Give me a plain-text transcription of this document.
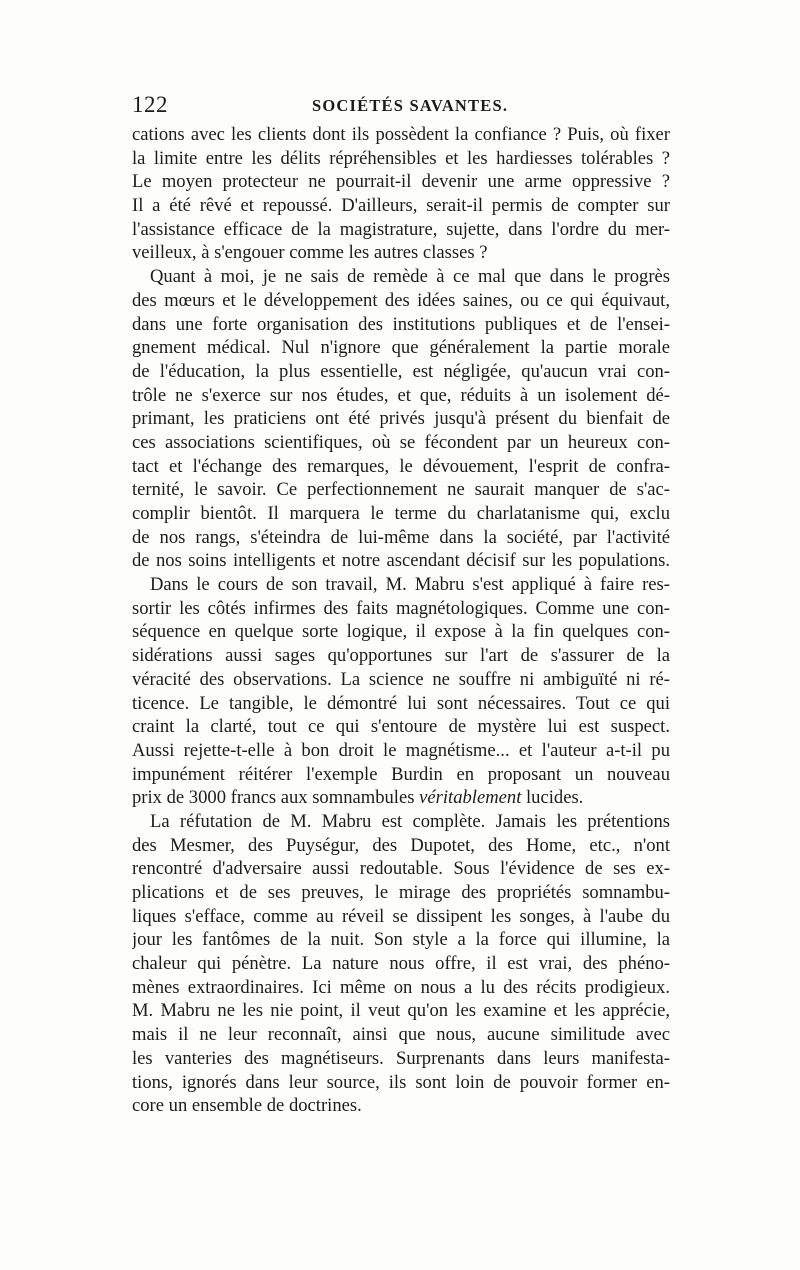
122	SOCIÉTÉS SAVANTES.
cations avec les clients dont ils possèdent la confiance ? Puis, où fixer
la limite entre les délits répréhensibles et les hardiesses tolérables ?
Le moyen protecteur ne pourrait-il devenir une arme oppressive ?
Il a été rêvé et repoussé. D'ailleurs, serait-il permis de compter sur
l'assistance efficace de la magistrature, sujette, dans l'ordre du mer-
veilleux, à s'engouer comme les autres classes ?
Quant à moi, je ne sais de remède à ce mal que dans le progrès
des mœurs et le développement des idées saines, ou ce qui équivaut,
dans une forte organisation des institutions publiques et de l'ensei-
gnement médical. Nul n'ignore que généralement la partie morale
de l'éducation, la plus essentielle, est négligée, qu'aucun vrai con-
trôle ne s'exerce sur nos études, et que, réduits à un isolement dé-
primant, les praticiens ont été privés jusqu'à présent du bienfait de
ces associations scientifiques, où se fécondent par un heureux con-
tact et l'échange des remarques, le dévouement, l'esprit de confra-
ternité, le savoir. Ce perfectionnement ne saurait manquer de s'ac-
complir bientôt. Il marquera le terme du charlatanisme qui, exclu
de nos rangs, s'éteindra de lui-même dans la société, par l'activité
de nos soins intelligents et notre ascendant décisif sur les populations.
Dans le cours de son travail, M. Mabru s'est appliqué à faire res-
sortir les côtés infirmes des faits magnétologiques. Comme une con-
séquence en quelque sorte logique, il expose à la fin quelques con-
sidérations aussi sages qu'opportunes sur l'art de s'assurer de la
véracité des observations. La science ne souffre ni ambiguïté ni ré-
ticence. Le tangible, le démontré lui sont nécessaires. Tout ce qui
craint la clarté, tout ce qui s'entoure de mystère lui est suspect.
Aussi rejette-t-elle à bon droit le magnétisme... et l'auteur a-t-il pu
impunément réitérer l'exemple Burdin en proposant un nouveau
prix de 3000 francs aux somnambules véritablement lucides.
La réfutation de M. Mabru est complète. Jamais les prétentions
des Mesmer, des Puységur, des Dupotet, des Home, etc., n'ont
rencontré d'adversaire aussi redoutable. Sous l'évidence de ses ex-
plications et de ses preuves, le mirage des propriétés somnambu-
liques s'efface, comme au réveil se dissipent les songes, à l'aube du
jour les fantômes de la nuit. Son style a la force qui illumine, la
chaleur qui pénètre. La nature nous offre, il est vrai, des phéno-
mènes extraordinaires. Ici même on nous a lu des récits prodigieux.
M. Mabru ne les nie point, il veut qu'on les examine et les apprécie,
mais il ne leur reconnaît, ainsi que nous, aucune similitude avec
les vanteries des magnétiseurs. Surprenants dans leurs manifesta-
tions, ignorés dans leur source, ils sont loin de pouvoir former en-
core un ensemble de doctrines.
